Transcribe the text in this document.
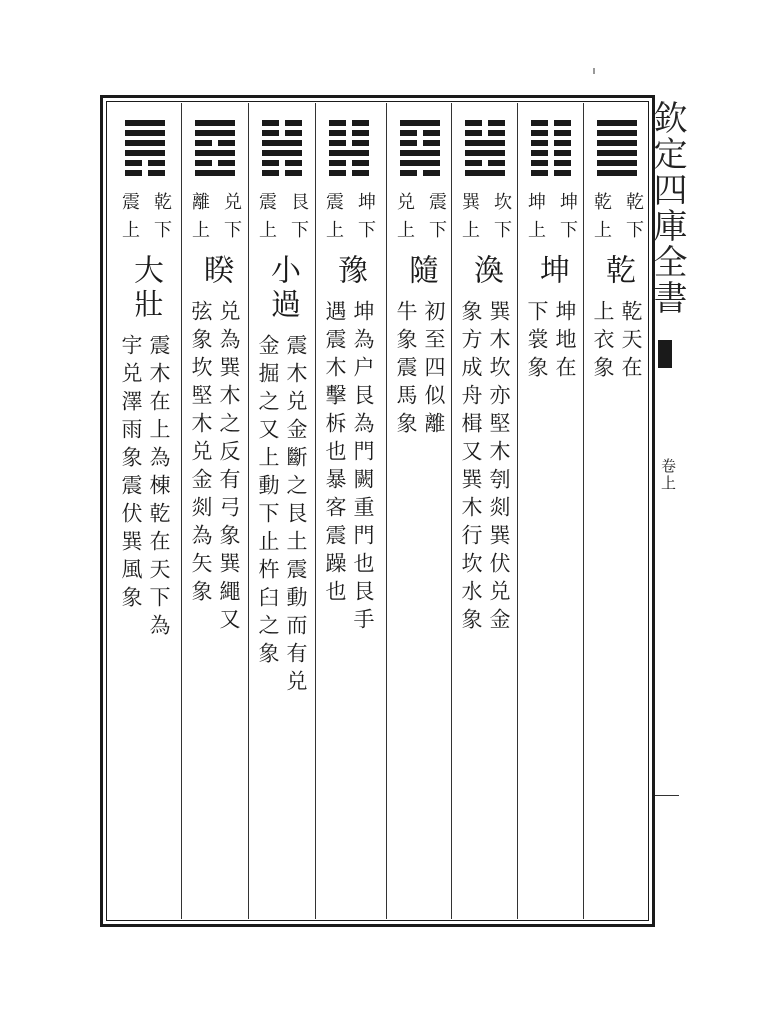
乾下
乾上
乾
乾天在
上衣象
坤下
坤上
坤
坤地在
下裳象
坎下
巽上
渙
巽木坎亦堅木刳剡巽伏兑金
象方成舟楫又巽木行坎水象
震下
兑上
隨
初至四似離
牛象震馬象
坤下
震上
豫
坤為户艮為門闕重門也艮手
遇震木擊柝也暴客震躁也
艮下
震上
小過
震木兑金斷之艮土震動而有兑
金掘之又上動下止杵臼之象
兑下
離上
睽
兑為巽木之反有弓象巽繩又
弦象坎堅木兑金剡為矢象
乾下
震上
大壯
震木在上為棟乾在天下為
宇兑澤雨象震伏巽風象
欽定四庫全書
卷上
